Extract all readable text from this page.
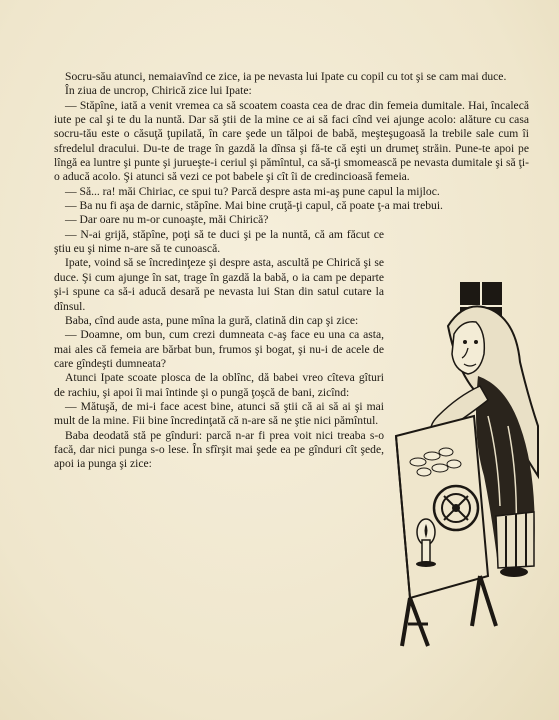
Socru-său atunci, nemaiavînd ce zice, ia pe nevasta lui Ipate cu copil cu tot şi se cam mai duce.

În ziua de uncrop, Chirică zice lui Ipate:

— Stăpîne, iată a venit vremea ca să scoatem coasta cea de drac din femeia dumitale. Hai, încalecă iute pe cal şi te du la nuntă. Dar să ştii de la mine ce ai să faci cînd vei ajunge acolo: alăture cu casa socru-tău este o căsuţă ţupilată, în care şede un tălpoi de babă, meşteşugoasă la trebile sale cum îi sfredelul dracului. Du-te de trage în gazdă la dînsa şi fă-te că eşti un drumeţ străin. Pune-te apoi pe lîngă ea luntre şi punte şi jurueşte-i ceriul şi pămîntul, ca să-ţi smomească pe nevasta dumitale şi să ţi-o aducă acolo. Şi atunci să vezi ce pot babele şi cît îi de credincioasă femeia.

— Să... ra! măi Chiriac, ce spui tu? Parcă despre asta mi-aş pune capul la mijloc.

— Ba nu fi aşa de darnic, stăpîne. Mai bine cruţă-ţi capul, că poate ţ-a mai trebui.

— Dar oare nu m-or cunoaşte, măi Chirică?

— N-ai grijă, stăpîne, poţi să te duci şi pe la nuntă, că am făcut ce ştiu eu şi nime n-are să te cunoască.

Ipate, voind să se încredinţeze şi despre asta, ascultă pe Chirică şi se duce. Şi cum ajunge în sat, trage în gazdă la babă, o ia cam pe departe şi-i spune ca să-i aducă desară pe nevasta lui Stan din satul cutare la dînsul.

Baba, cînd aude asta, pune mîna la gură, clatină din cap şi zice:

— Doamne, om bun, cum crezi dumneata c-aş face eu una ca asta, mai ales că femeia are bărbat bun, frumos şi bogat, şi nu-i de acele de care gîndeşti dumneata?

Atunci Ipate scoate plosca de la oblînc, dă babei vreo cîteva gîturi de rachiu, şi apoi îi mai întinde şi o pungă ţoşcă de bani, zicînd:

— Mătuşă, de mi-i face acest bine, atunci să ştii că ai să ai şi mai mult de la mine. Fii bine încredinţată că n-are să ne ştie nici pămîntul.

Baba deodată stă pe gînduri: parcă n-ar fi prea voit nici treaba s-o facă, dar nici punga s-o lese. În sfîrşit mai şede ea pe gînduri cît şede, apoi ia punga şi zice:
